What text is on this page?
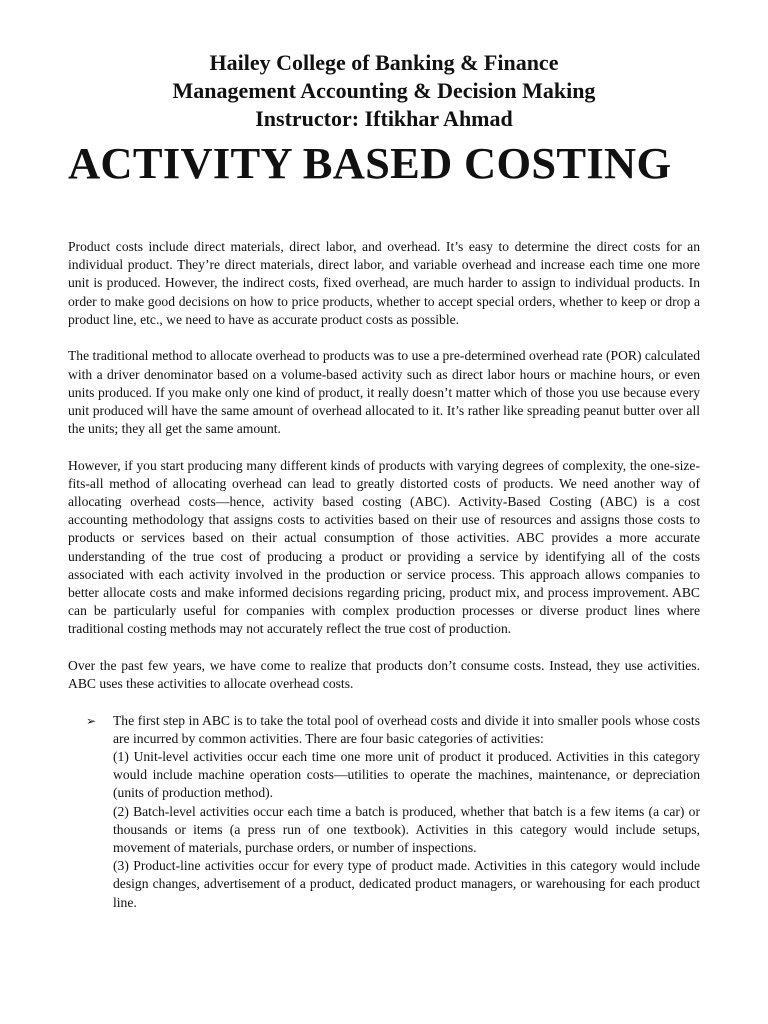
Hailey College of Banking & Finance
Management Accounting & Decision Making
Instructor: Iftikhar Ahmad
ACTIVITY BASED COSTING

Product costs include direct materials, direct labor, and overhead. It’s easy to determine the direct costs for an individual product. They’re direct materials, direct labor, and variable overhead and increase each time one more unit is produced. However, the indirect costs, fixed overhead, are much harder to assign to individual products. In order to make good decisions on how to price products, whether to accept special orders, whether to keep or drop a product line, etc., we need to have as accurate product costs as possible.

The traditional method to allocate overhead to products was to use a pre-determined overhead rate (POR) calculated with a driver denominator based on a volume-based activity such as direct labor hours or machine hours, or even units produced. If you make only one kind of product, it really doesn’t matter which of those you use because every unit produced will have the same amount of overhead allocated to it. It’s rather like spreading peanut butter over all the units; they all get the same amount.

However, if you start producing many different kinds of products with varying degrees of complexity, the one-size-fits-all method of allocating overhead can lead to greatly distorted costs of products. We need another way of allocating overhead costs—hence, activity based costing (ABC). Activity-Based Costing (ABC) is a cost accounting methodology that assigns costs to activities based on their use of resources and assigns those costs to products or services based on their actual consumption of those activities. ABC provides a more accurate understanding of the true cost of producing a product or providing a service by identifying all of the costs associated with each activity involved in the production or service process. This approach allows companies to better allocate costs and make informed decisions regarding pricing, product mix, and process improvement. ABC can be particularly useful for companies with complex production processes or diverse product lines where traditional costing methods may not accurately reflect the true cost of production.

Over the past few years, we have come to realize that products don’t consume costs. Instead, they use activities. ABC uses these activities to allocate overhead costs.

➢ The first step in ABC is to take the total pool of overhead costs and divide it into smaller pools whose costs are incurred by common activities. There are four basic categories of activities:

(1) Unit-level activities occur each time one more unit of product it produced. Activities in this category would include machine operation costs—utilities to operate the machines, maintenance, or depreciation (units of production method).

(2) Batch-level activities occur each time a batch is produced, whether that batch is a few items (a car) or thousands or items (a press run of one textbook). Activities in this category would include setups, movement of materials, purchase orders, or number of inspections.

(3) Product-line activities occur for every type of product made. Activities in this category would include design changes, advertisement of a product, dedicated product managers, or warehousing for each product line.
